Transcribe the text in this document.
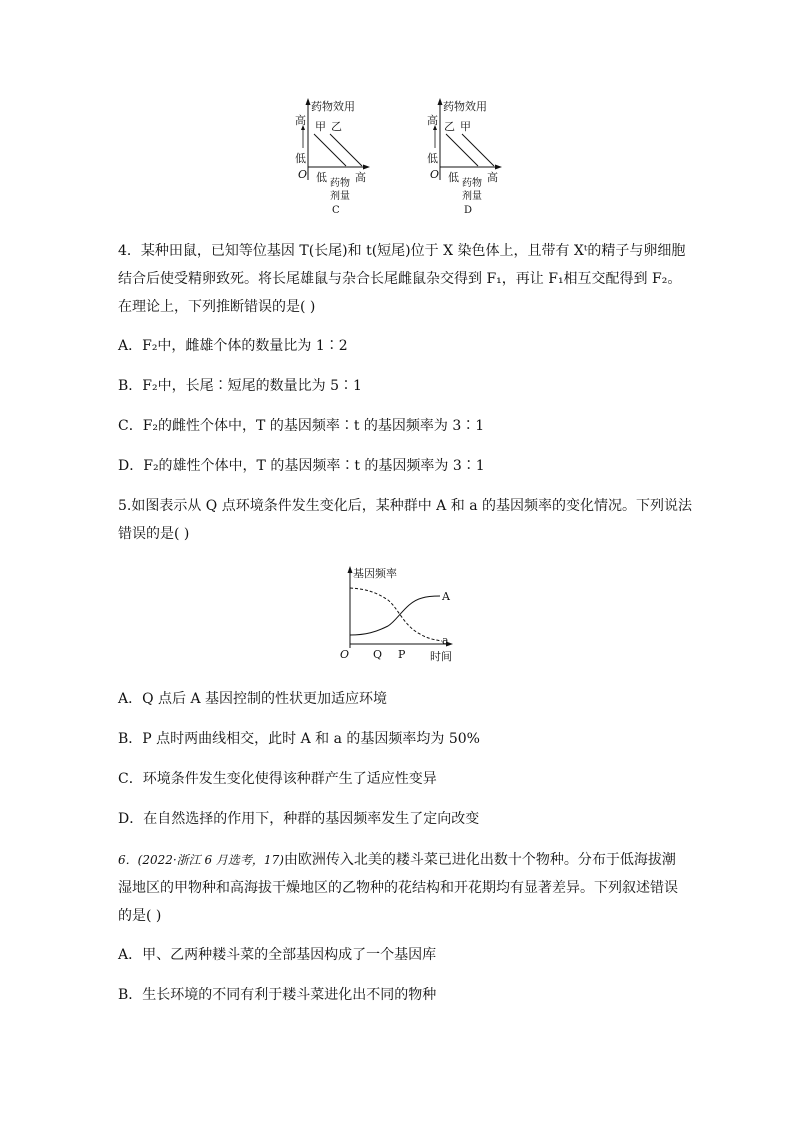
药物效用
高
低
O
甲 乙
低	高
药物
剂量
C
药物效用
高
低
O
乙 甲
低	高
药物
剂量
D
4．某种田鼠，已知等位基因 T(长尾)和 t(短尾)位于 X 染色体上，且带有 Xᵗ的精子与卵细胞
结合后使受精卵致死。将长尾雄鼠与杂合长尾雌鼠杂交得到 F₁，再让 F₁相互交配得到 F₂。
在理论上，下列推断错误的是( )
A．F₂中，雌雄个体的数量比为 1∶2
B．F₂中，长尾∶短尾的数量比为 5∶1
C．F₂的雌性个体中，T 的基因频率∶t 的基因频率为 3∶1
D．F₂的雄性个体中，T 的基因频率∶t 的基因频率为 3∶1
5.如图表示从 Q 点环境条件发生变化后，某种群中 A 和 a 的基因频率的变化情况。下列说法
错误的是( )
基因频率
O Q P 时间
A
a
A．Q 点后 A 基因控制的性状更加适应环境
B．P 点时两曲线相交，此时 A 和 a 的基因频率均为 50%
C．环境条件发生变化使得该种群产生了适应性变异
D．在自然选择的作用下，种群的基因频率发生了定向改变
6．(2022·浙江 6 月选考，17)由欧洲传入北美的耧斗菜已进化出数十个物种。分布于低海拔潮
湿地区的甲物种和高海拔干燥地区的乙物种的花结构和开花期均有显著差异。下列叙述错误
的是( )
A．甲、乙两种耧斗菜的全部基因构成了一个基因库
B．生长环境的不同有利于耧斗菜进化出不同的物种
